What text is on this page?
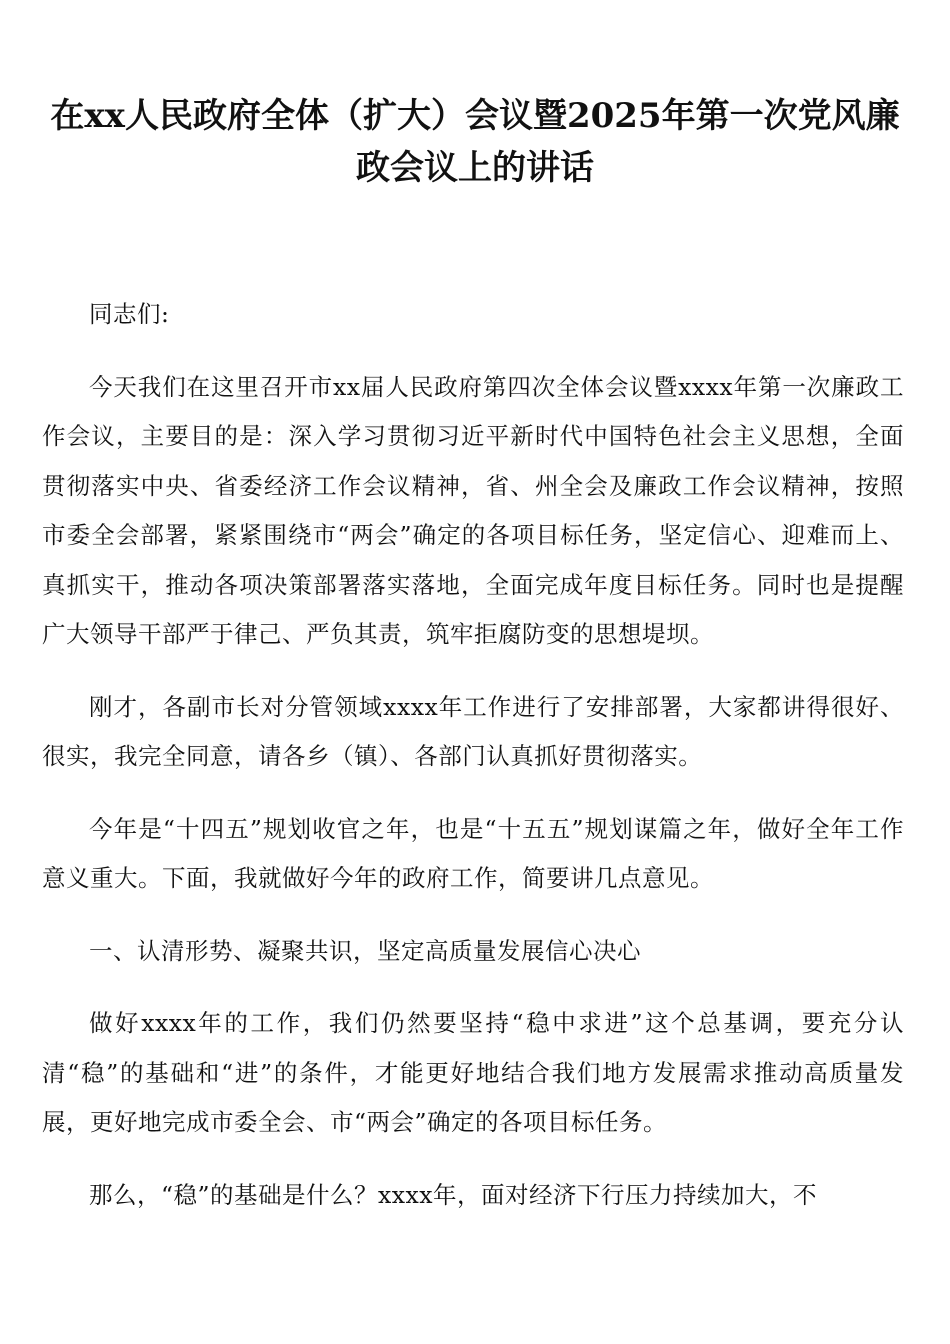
在xx人民政府全体（扩大）会议暨2025年第一次党风廉政会议上的讲话

同志们:

今天我们在这里召开市xx届人民政府第四次全体会议暨xxxx年第一次廉政工作会议，主要目的是：深入学习贯彻习近平新时代中国特色社会主义思想，全面贯彻落实中央、省委经济工作会议精神，省、州全会及廉政工作会议精神，按照市委全会部署，紧紧围绕市“两会”确定的各项目标任务，坚定信心、迎难而上、真抓实干，推动各项决策部署落实落地，全面完成年度目标任务。同时也是提醒广大领导干部严于律己、严负其责，筑牢拒腐防变的思想堤坝。

刚才，各副市长对分管领域xxxx年工作进行了安排部署，大家都讲得很好、很实，我完全同意，请各乡（镇）、各部门认真抓好贯彻落实。

今年是“十四五”规划收官之年，也是“十五五”规划谋篇之年，做好全年工作意义重大。下面，我就做好今年的政府工作，简要讲几点意见。

一、认清形势、凝聚共识，坚定高质量发展信心决心

做好xxxx年的工作，我们仍然要坚持“稳中求进”这个总基调，要充分认清“稳”的基础和“进”的条件，才能更好地结合我们地方发展需求推动高质量发展，更好地完成市委全会、市“两会”确定的各项目标任务。

那么，“稳”的基础是什么？xxxx年，面对经济下行压力持续加大，不
